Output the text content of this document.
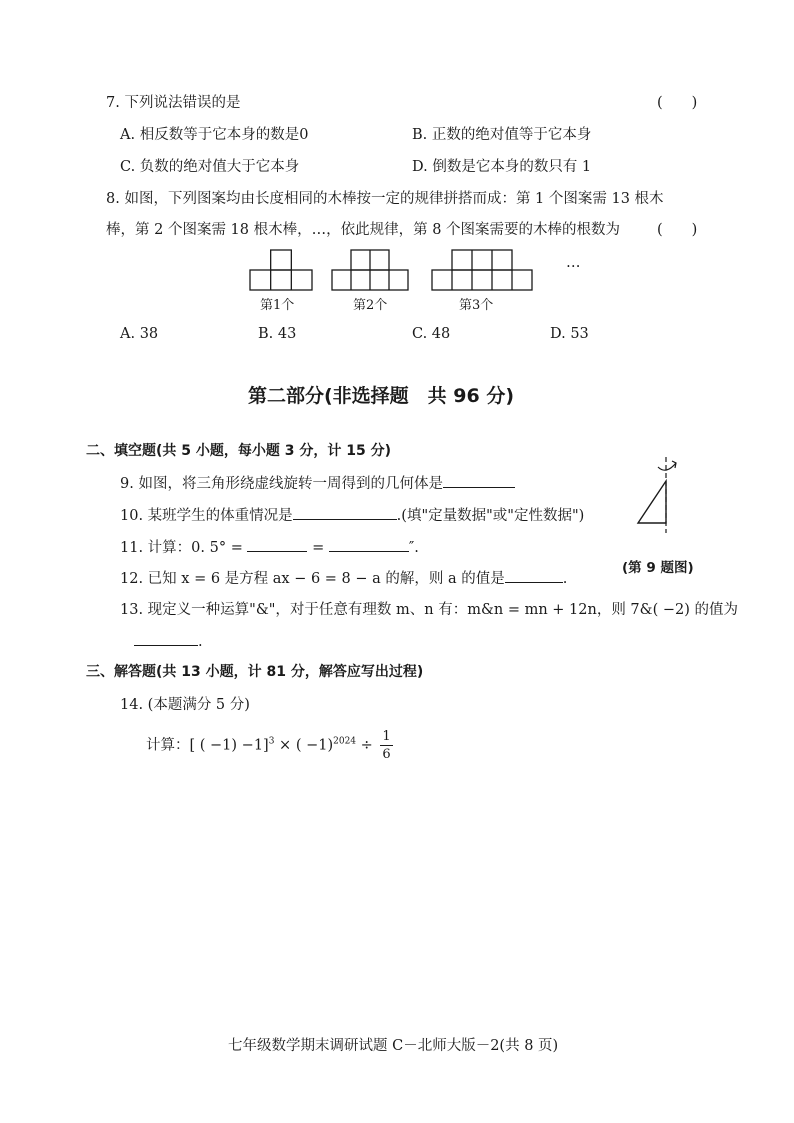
7. 下列说法错误的是	(　　)
A. 相反数等于它本身的数是0	B. 正数的绝对值等于它本身
C. 负数的绝对值大于它本身	D. 倒数是它本身的数只有 1
8. 如图，下列图案均由长度相同的木棒按一定的规律拼搭而成：第 1 个图案需 13 根木
棒，第 2 个图案需 18 根木棒，…，依此规律，第 8 个图案需要的木棒的根数为	(　　)
…
第1个	第2个	第3个
A. 38	B. 43	C. 48	D. 53
第二部分(非选择题　共 96 分)
二、填空题(共 5 小题，每小题 3 分，计 15 分)
9. 如图，将三角形绕虚线旋转一周得到的几何体是
10. 某班学生的体重情况是	.(填"定量数据"或"定性数据")
11. 计算：0. 5° =	=	″.
12. 已知 x = 6 是方程 ax − 6 = 8 − a 的解，则 a 的值是	.
13. 现定义一种运算"&"，对于任意有理数 m、n 有：m&n = mn + 12n，则 7&( −2) 的值为
.
(第 9 题图)
三、解答题(共 13 小题，计 81 分，解答应写出过程)
14. (本题满分 5 分)
计算：[ ( −1) −1]$^3$ × ( $-1)^{2024} \div \frac{1}{6}$
七年级数学期末调研试题 C－北师大版－2(共 8 页)
